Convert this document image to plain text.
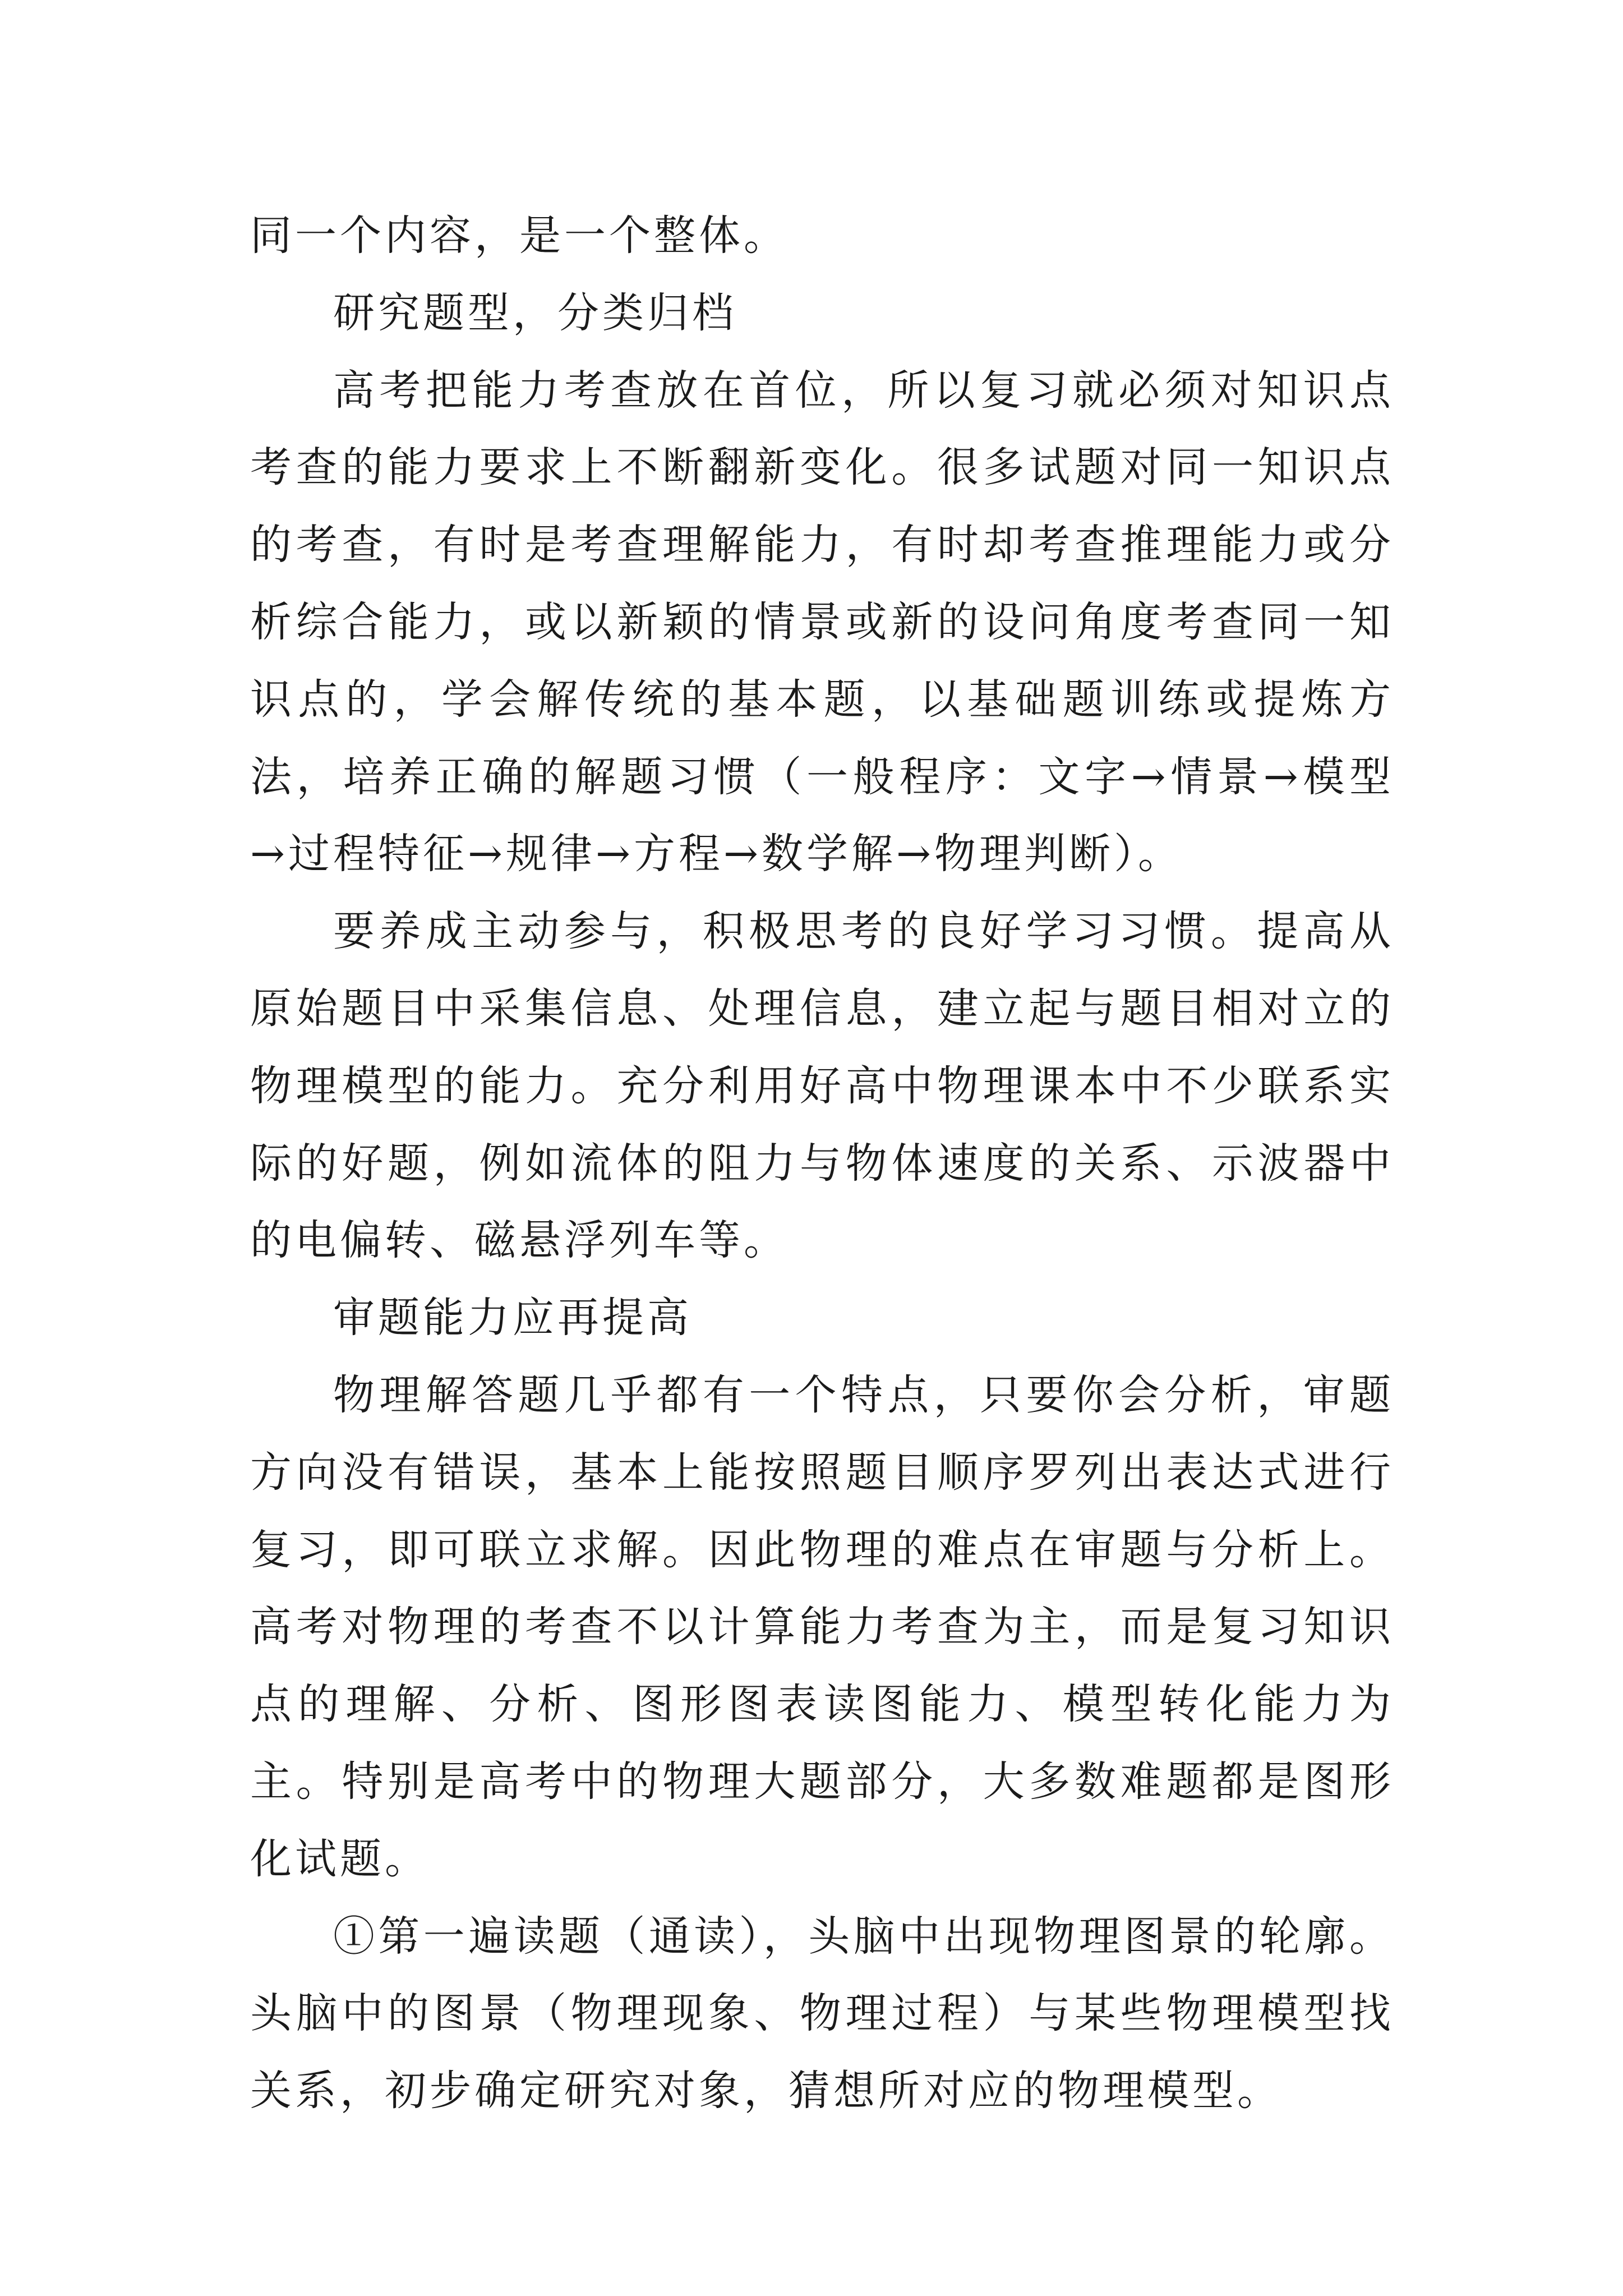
同一个内容，是一个整体。

研究题型，分类归档

高考把能力考查放在首位，所以复习就必须对知识点考查的能力要求上不断翻新变化。很多试题对同一知识点的考查，有时是考查理解能力，有时却考查推理能力或分析综合能力，或以新颖的情景或新的设问角度考查同一知识点的，学会解传统的基本题，以基础题训练或提炼方法，培养正确的解题习惯（一般程序：文字→情景→模型→过程特征→规律→方程→数学解→物理判断）。

要养成主动参与，积极思考的良好学习习惯。提高从原始题目中采集信息、处理信息，建立起与题目相对立的物理模型的能力。充分利用好高中物理课本中不少联系实际的好题，例如流体的阻力与物体速度的关系、示波器中的电偏转、磁悬浮列车等。

审题能力应再提高

物理解答题几乎都有一个特点，只要你会分析，审题方向没有错误，基本上能按照题目顺序罗列出表达式进行复习，即可联立求解。因此物理的难点在审题与分析上。高考对物理的考查不以计算能力考查为主，而是复习知识点的理解、分析、图形图表读图能力、模型转化能力为主。特别是高考中的物理大题部分，大多数难题都是图形化试题。

①第一遍读题（通读），头脑中出现物理图景的轮廓。头脑中的图景（物理现象、物理过程）与某些物理模型找关系，初步确定研究对象，猜想所对应的物理模型。
